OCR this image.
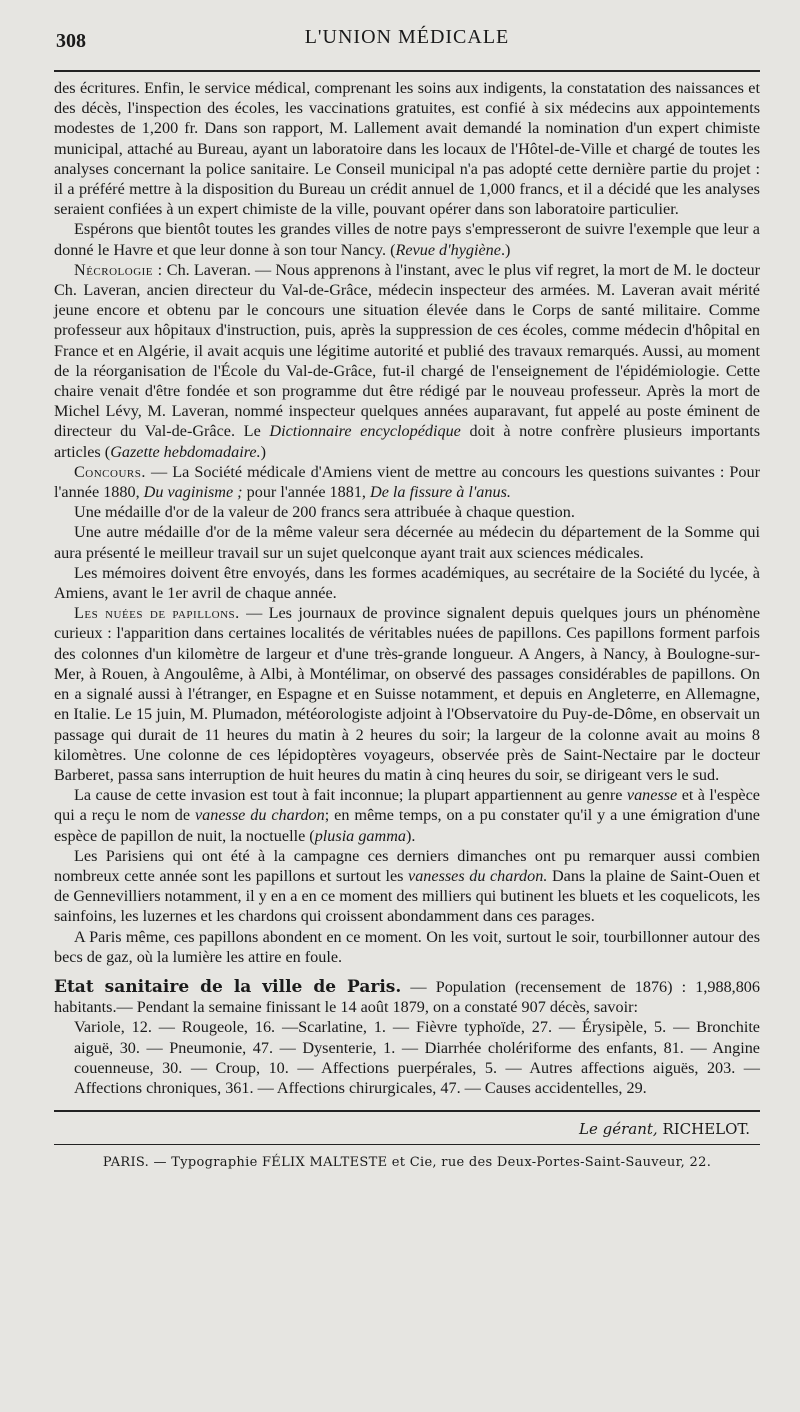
308	L'UNION MÉDICALE

des écritures. Enfin, le service médical, comprenant les soins aux indigents, la constatation des naissances et des décès, l'inspection des écoles, les vaccinations gratuites, est confié à six médecins aux appointements modestes de 1,200 fr. Dans son rapport, M. Lallement avait demandé la nomination d'un expert chimiste municipal, attaché au Bureau, ayant un laboratoire dans les locaux de l'Hôtel-de-Ville et chargé de toutes les analyses concernant la police sanitaire. Le Conseil municipal n'a pas adopté cette dernière partie du projet : il a préféré mettre à la disposition du Bureau un crédit annuel de 1,000 francs, et il a décidé que les analyses seraient confiées à un expert chimiste de la ville, pouvant opérer dans son laboratoire particulier.

Espérons que bientôt toutes les grandes villes de notre pays s'empresseront de suivre l'exemple que leur a donné le Havre et que leur donne à son tour Nancy. (Revue d'hygiène.)

Nécrologie : Ch. Laveran. — Nous apprenons à l'instant, avec le plus vif regret, la mort de M. le docteur Ch. Laveran, ancien directeur du Val-de-Grâce, médecin inspecteur des armées. M. Laveran avait mérité jeune encore et obtenu par le concours une situation élevée dans le Corps de santé militaire. Comme professeur aux hôpitaux d'instruction, puis, après la suppression de ces écoles, comme médecin d'hôpital en France et en Algérie, il avait acquis une légitime autorité et publié des travaux remarqués. Aussi, au moment de la réorganisation de l'École du Val-de-Grâce, fut-il chargé de l'enseignement de l'épidémiologie. Cette chaire venait d'être fondée et son programme dut être rédigé par le nouveau professeur. Après la mort de Michel Lévy, M. Laveran, nommé inspecteur quelques années auparavant, fut appelé au poste éminent de directeur du Val-de-Grâce. Le Dictionnaire encyclopédique doit à notre confrère plusieurs importants articles (Gazette hebdomadaire.)

Concours. — La Société médicale d'Amiens vient de mettre au concours les questions suivantes : Pour l'année 1880, Du vaginisme ; pour l'année 1881, De la fissure à l'anus.

Une médaille d'or de la valeur de 200 francs sera attribuée à chaque question.

Une autre médaille d'or de la même valeur sera décernée au médecin du département de la Somme qui aura présenté le meilleur travail sur un sujet quelconque ayant trait aux sciences médicales.

Les mémoires doivent être envoyés, dans les formes académiques, au secrétaire de la Société du lycée, à Amiens, avant le 1er avril de chaque année.

Les nuées de papillons. — Les journaux de province signalent depuis quelques jours un phénomène curieux : l'apparition dans certaines localités de véritables nuées de papillons. Ces papillons forment parfois des colonnes d'un kilomètre de largeur et d'une très-grande longueur. A Angers, à Nancy, à Boulogne-sur-Mer, à Rouen, à Angoulême, à Albi, à Montélimar, on observé des passages considérables de papillons. On en a signalé aussi à l'étranger, en Espagne et en Suisse notamment, et depuis en Angleterre, en Allemagne, en Italie. Le 15 juin, M. Plumadon, météorologiste adjoint à l'Observatoire du Puy-de-Dôme, en observait un passage qui durait de 11 heures du matin à 2 heures du soir; la largeur de la colonne avait au moins 8 kilomètres. Une colonne de ces lépidoptères voyageurs, observée près de Saint-Nectaire par le docteur Barberet, passa sans interruption de huit heures du matin à cinq heures du soir, se dirigeant vers le sud.

La cause de cette invasion est tout à fait inconnue; la plupart appartiennent au genre vanesse et à l'espèce qui a reçu le nom de vanesse du chardon; en même temps, on a pu constater qu'il y a une émigration d'une espèce de papillon de nuit, la noctuelle (plusia gamma).

Les Parisiens qui ont été à la campagne ces derniers dimanches ont pu remarquer aussi combien nombreux cette année sont les papillons et surtout les vanesses du chardon. Dans la plaine de Saint-Ouen et de Gennevilliers notamment, il y en a en ce moment des milliers qui butinent les bluets et les coquelicots, les sainfoins, les luzernes et les chardons qui croissent abondamment dans ces parages.

A Paris même, ces papillons abondent en ce moment. On les voit, surtout le soir, tourbillonner autour des becs de gaz, où la lumière les attire en foule.

Etat sanitaire de la ville de Paris. — Population (recensement de 1876) : 1,988,806 habitants.— Pendant la semaine finissant le 14 août 1879, on a constaté 907 décès, savoir:

Variole, 12. — Rougeole, 16. —Scarlatine, 1. — Fièvre typhoïde, 27. — Érysipèle, 5. — Bronchite aiguë, 30. — Pneumonie, 47. — Dysenterie, 1. — Diarrhée cholériforme des enfants, 81. — Angine couenneuse, 30. — Croup, 10. — Affections puerpérales, 5. — Autres affections aiguës, 203. — Affections chroniques, 361. — Affections chirurgicales, 47. — Causes accidentelles, 29.

Le gérant, RICHELOT.
PARIS. — Typographie FÉLIX MALTESTE et Cie, rue des Deux-Portes-Saint-Sauveur, 22.
